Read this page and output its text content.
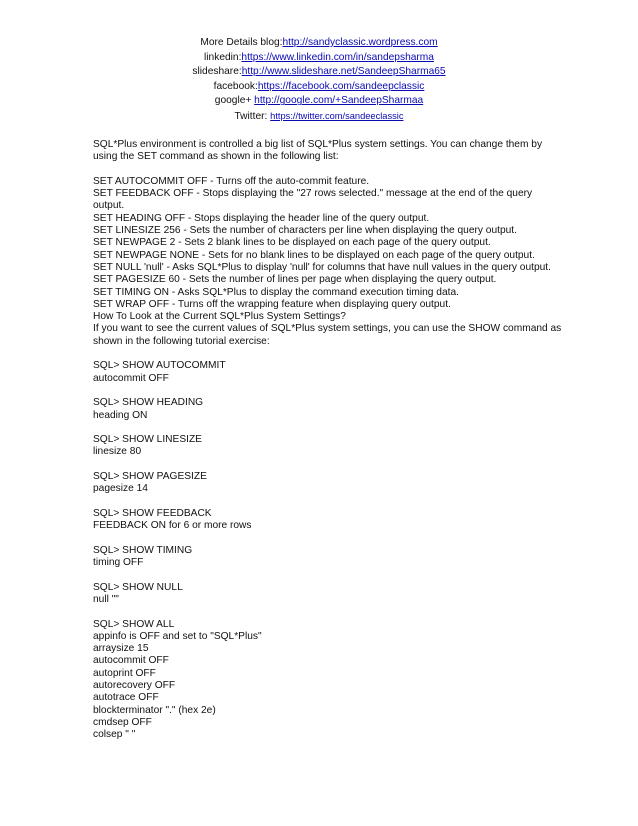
More Details blog:http://sandyclassic.wordpress.com
linkedin:https://www.linkedin.com/in/sandepsharma
slideshare:http://www.slideshare.net/SandeepSharma65
facebook:https://facebook.com/sandeepclassic
google+ http://google.com/+SandeepSharmaa
Twitter: https://twitter.com/sandeeclassic
SQL*Plus environment is controlled a big list of SQL*Plus system settings. You can change them by using the SET command as shown in the following list:
SET AUTOCOMMIT OFF - Turns off the auto-commit feature.
SET FEEDBACK OFF - Stops displaying the "27 rows selected." message at the end of the query output.
SET HEADING OFF - Stops displaying the header line of the query output.
SET LINESIZE 256 - Sets the number of characters per line when displaying the query output.
SET NEWPAGE 2 - Sets 2 blank lines to be displayed on each page of the query output.
SET NEWPAGE NONE - Sets for no blank lines to be displayed on each page of the query output.
SET NULL 'null' - Asks SQL*Plus to display 'null' for columns that have null values in the query output.
SET PAGESIZE 60 - Sets the number of lines per page when displaying the query output.
SET TIMING ON - Asks SQL*Plus to display the command execution timing data.
SET WRAP OFF - Turns off the wrapping feature when displaying query output.
How To Look at the Current SQL*Plus System Settings?
If you want to see the current values of SQL*Plus system settings, you can use the SHOW command as shown in the following tutorial exercise:
SQL> SHOW AUTOCOMMIT
autocommit OFF
SQL> SHOW HEADING
heading ON
SQL> SHOW LINESIZE
linesize 80
SQL> SHOW PAGESIZE
pagesize 14
SQL> SHOW FEEDBACK
FEEDBACK ON for 6 or more rows
SQL> SHOW TIMING
timing OFF
SQL> SHOW NULL
null ""
SQL> SHOW ALL
appinfo is OFF and set to "SQL*Plus"
arraysize 15
autocommit OFF
autoprint OFF
autorecovery OFF
autotrace OFF
blockterminator "." (hex 2e)
cmdsep OFF
colsep " "
